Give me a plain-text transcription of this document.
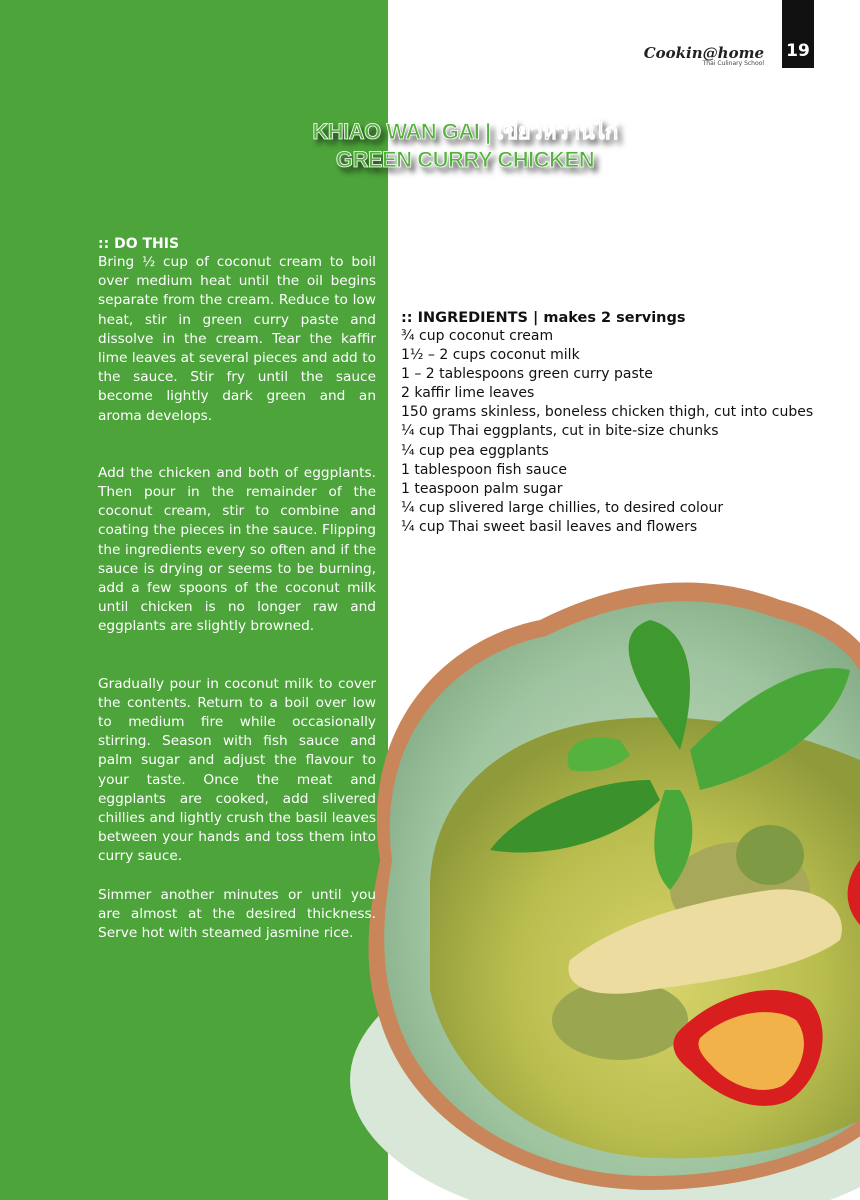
Cookin@home
Thai Culinary School
19
KHIAO WAN GAI | เขียวหวานไก่
GREEN CURRY CHICKEN
:: DO THIS

Bring ½ cup of coconut cream to boil over medium heat until the oil begins separate from the cream. Reduce to low heat, stir in green curry paste and dissolve in the cream. Tear the kaffir lime leaves at several pieces and add to the sauce. Stir fry until the sauce become lightly dark green and an aroma develops.

Add the chicken and both of eggplants. Then pour in the remainder of the coconut cream, stir to combine and coating the pieces in the sauce. Flipping the ingredients every so often and if the sauce is drying or seems to be burning, add a few spoons of the coconut milk until chicken is no longer raw and eggplants are slightly browned.

Gradually pour in coconut milk to cover the contents. Return to a boil over low to medium fire while occasionally stirring. Season with fish sauce and palm sugar and adjust the flavour to your taste. Once the meat and eggplants are cooked, add slivered chillies and lightly crush the basil leaves between your hands and toss them into curry sauce.

Simmer another minutes or until you are almost at the desired thickness. Serve hot with steamed jasmine rice.

:: INGREDIENTS | makes 2 servings
¾ cup coconut cream
1½ – 2 cups coconut milk
1 – 2 tablespoons green curry paste
2 kaffir lime leaves
150 grams skinless, boneless chicken thigh, cut into cubes
¼ cup Thai eggplants, cut in bite-size chunks
¼ cup pea eggplants
1 tablespoon fish sauce
1 teaspoon palm sugar
¼ cup slivered large chillies, to desired colour
¼ cup Thai sweet basil leaves and flowers
